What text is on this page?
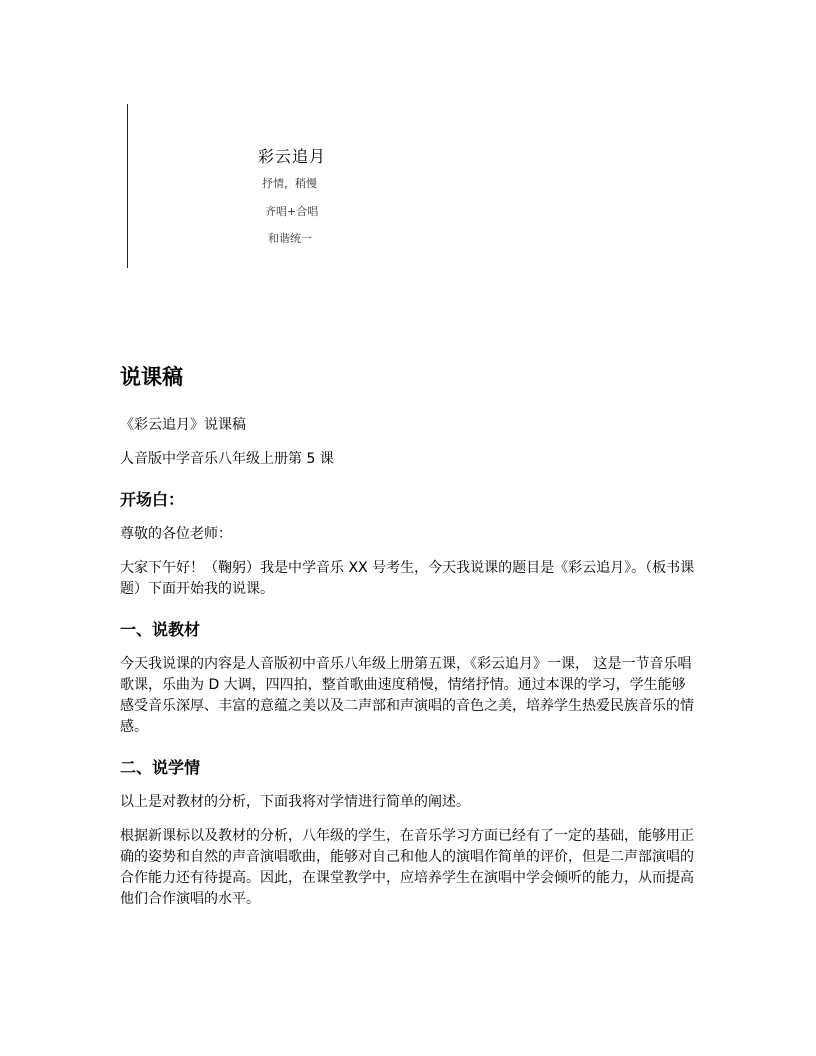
彩云追月
抒情，稍慢
齐唱+合唱
和谐统一
说课稿

《彩云追月》说课稿

人音版中学音乐八年级上册第 5 课

开场白：

尊敬的各位老师：

大家下午好！（鞠躬）我是中学音乐 XX 号考生，今天我说课的题目是《彩云追月》。（板书课题）下面开始我的说课。

一、说教材

今天我说课的内容是人音版初中音乐八年级上册第五课，《彩云追月》一课， 这是一节音乐唱歌课，乐曲为 D 大调，四四拍，整首歌曲速度稍慢，情绪抒情。通过本课的学习，学生能够感受音乐深厚、丰富的意蕴之美以及二声部和声演唱的音色之美，培养学生热爱民族音乐的情感。

二、说学情

以上是对教材的分析，下面我将对学情进行简单的阐述。

根据新课标以及教材的分析，八年级的学生，在音乐学习方面已经有了一定的基础，能够用正确的姿势和自然的声音演唱歌曲，能够对自己和他人的演唱作简单的评价，但是二声部演唱的合作能力还有待提高。因此，在课堂教学中，应培养学生在演唱中学会倾听的能力，从而提高他们合作演唱的水平。
